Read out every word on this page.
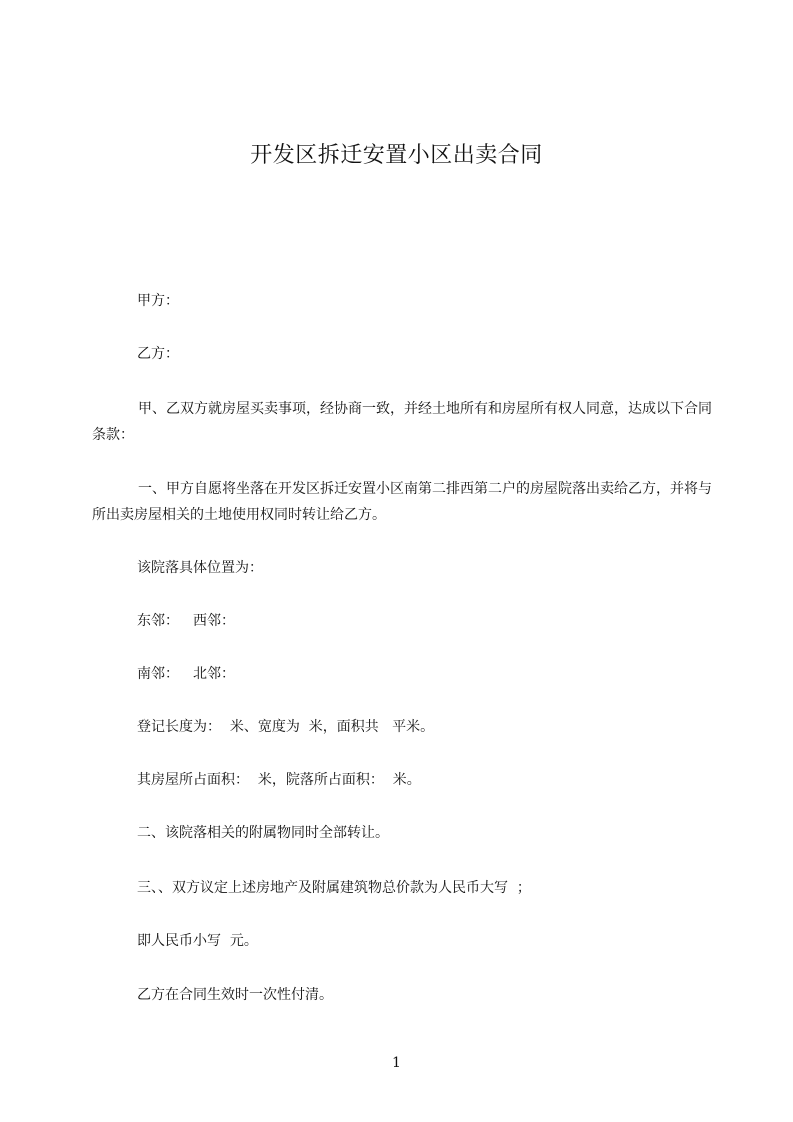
开发区拆迁安置小区出卖合同
甲方：
乙方：
甲、乙双方就房屋买卖事项，经协商一致，并经土地所有和房屋所有权人同意，达成以下合同条款：
一、甲方自愿将坐落在开发区拆迁安置小区南第二排西第二户的房屋院落出卖给乙方，并将与所出卖房屋相关的土地使用权同时转让给乙方。
该院落具体位置为：
东邻： 西邻：
南邻： 北邻：
登记长度为：  米、宽度为  米，面积共   平米。
其房屋所占面积：  米，院落所占面积：  米。
二、该院落相关的附属物同时全部转让。
三、、双方议定上述房地产及附属建筑物总价款为人民币大写  ；
即人民币小写  元。
乙方在合同生效时一次性付清。
1
